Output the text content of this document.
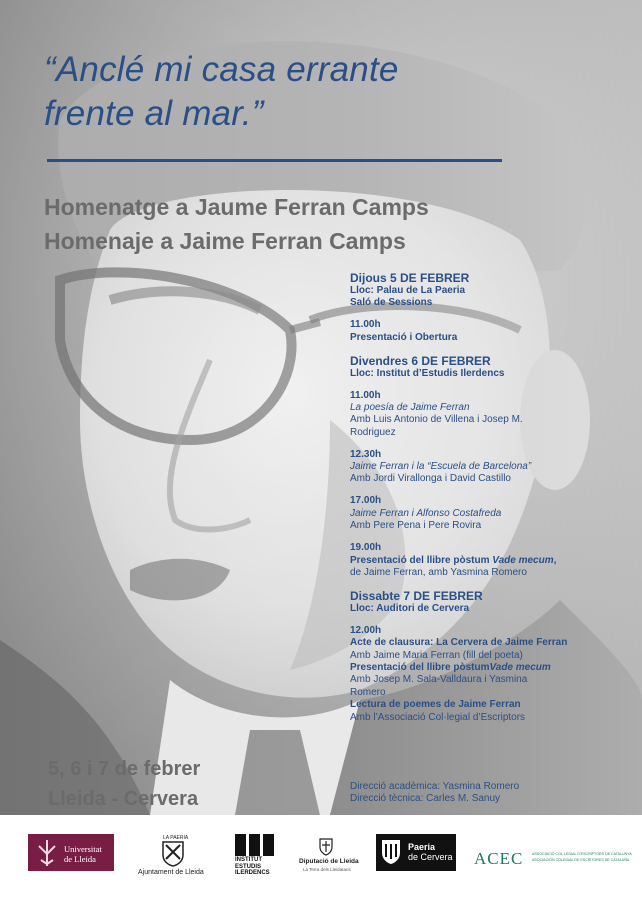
“Anclé mi casa errante
frente al mar.”
Homenatge a Jaume Ferran Camps
Homenaje a Jaime Ferran Camps
Dijous 5 DE FEBRER
Lloc: Palau de La Paeria
Saló de Sessions
11.00h
Presentació i Obertura
Divendres 6 DE FEBRER
Lloc: Institut d’Estudis Ilerdencs
11.00h
La poesía de Jaime Ferran
Amb Luis Antonio de Villena i Josep M.
Rodriguez
12.30h
Jaime Ferran i la “Escuela de Barcelona”
Amb Jordi Virallonga i David Castillo
17.00h
Jaime Ferran i Alfonso Costafreda
Amb Pere Pena i Pere Rovira
19.00h
Presentació del llibre pòstum Vade mecum,
de Jaime Ferran, amb Yasmina Romero
Dissabte 7 DE FEBRER
Lloc: Auditori de Cervera
12.00h
Acte de clausura: La Cervera de Jaime Ferran
Amb Jaime Maria Ferran (fill del poeta)
Presentació del llibre pòstumVade mecum
Amb Josep M. Sala-Valldaura i Yasmina
Romero
Lectura de poemes de Jaime Ferran
Amb l’Associació Col·legial d’Escriptors
5, 6 i 7 de febrer
Lleida - Cervera
Direcció acadèmica: Yasmina Romero
Direcció tècnica: Carles M. Sanuy
Universitat
de Lleida
LA PAERIA
Ajuntament de Lleida
INSTITUT
ESTUDIS
ILERDENCS
Diputació de Lleida
La Terra dels Lleidatans
Paeria
de Cervera ACEC ASSOCIACIÓ COL·LEGIAL D'ESCRIPTORS DE CATALUNYA
ASOCIACIÓN COLEGIAL DE ESCRITORES DE CATALUÑA
